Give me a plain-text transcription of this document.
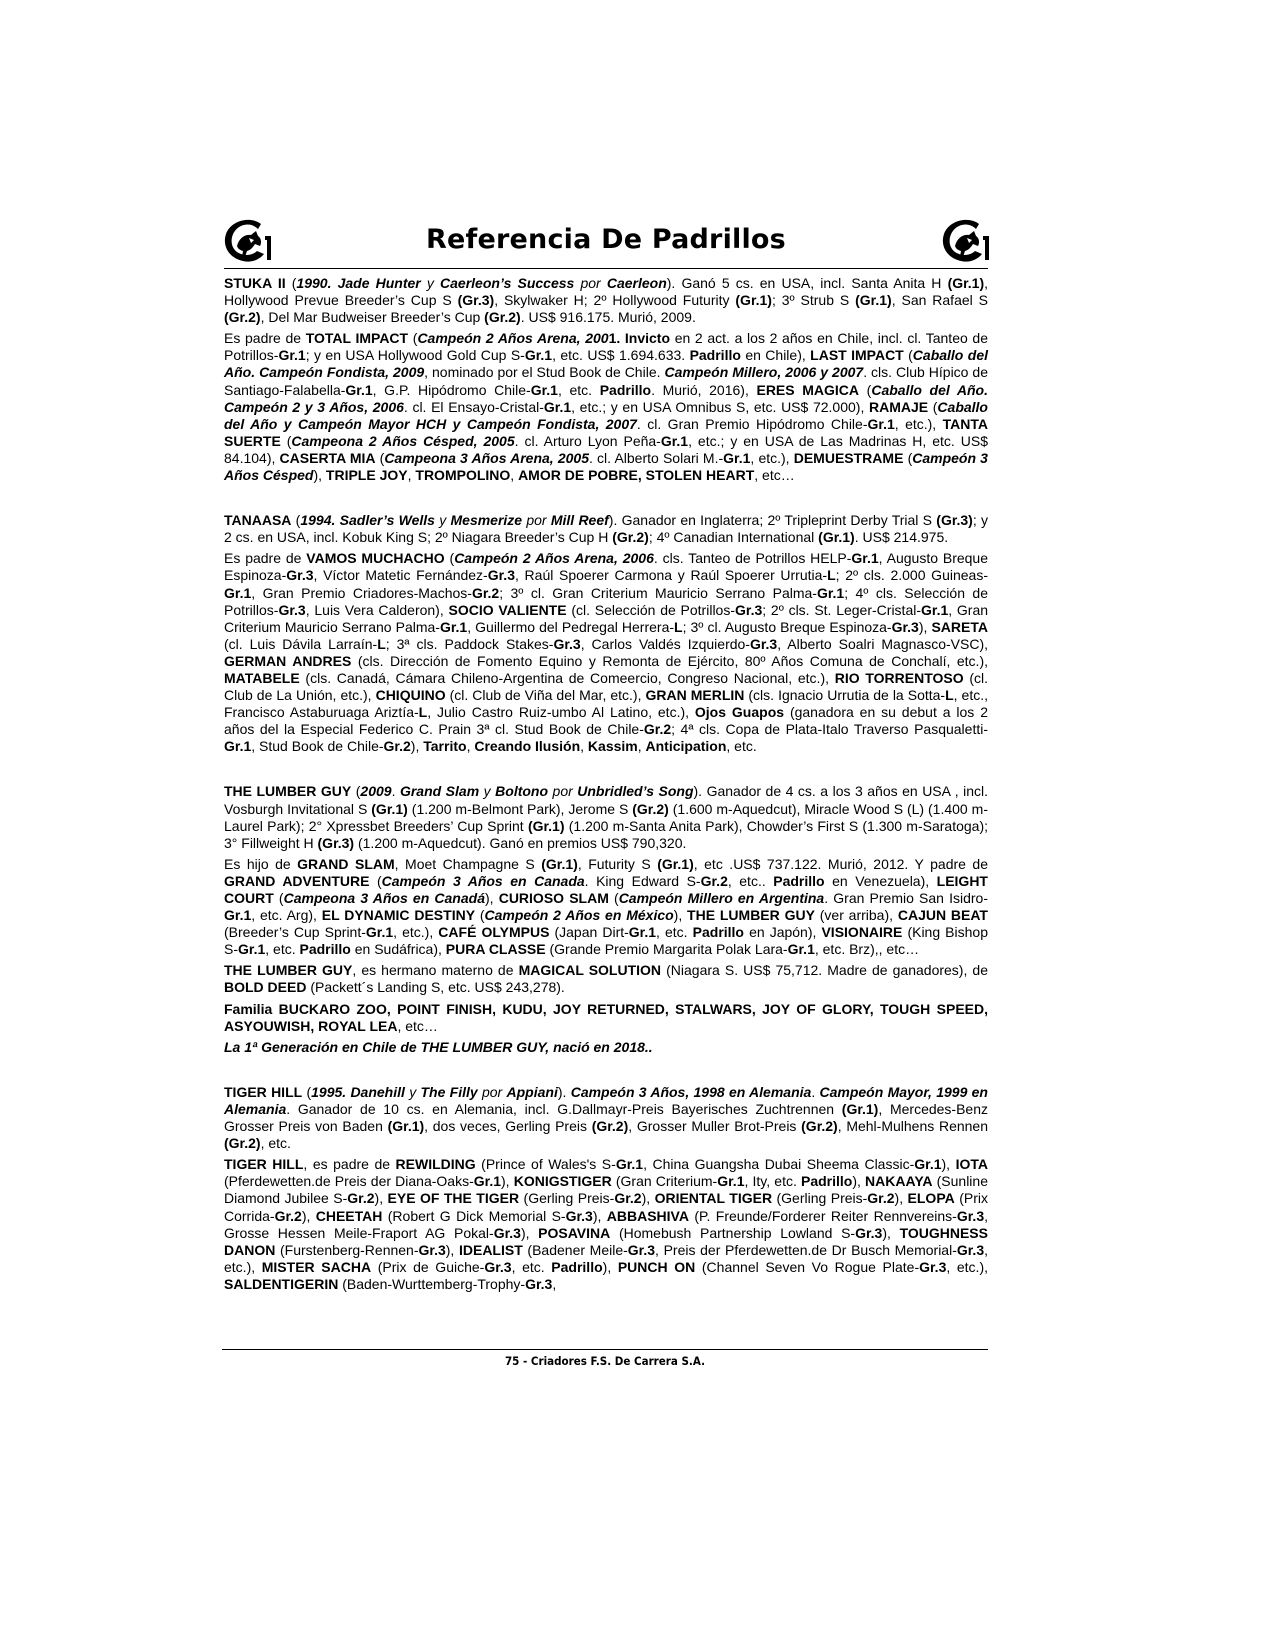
Referencia De Padrillos

STUKA II (1990. Jade Hunter y Caerleon’s Success por Caerleon). Ganó 5 cs. en USA, incl. Santa Anita H (Gr.1), Hollywood Prevue Breeder’s Cup S (Gr.3), Skylwaker H; 2º Hollywood Futurity (Gr.1); 3º Strub S (Gr.1), San Rafael S (Gr.2), Del Mar Budweiser Breeder’s Cup (Gr.2). US$ 916.175. Murió, 2009.

Es padre de TOTAL IMPACT (Campeón 2 Años Arena, 2001. Invicto en 2 act. a los 2 años en Chile, incl. cl. Tanteo de Potrillos-Gr.1; y en USA Hollywood Gold Cup S-Gr.1, etc. US$ 1.694.633. Padrillo en Chile), LAST IMPACT (Caballo del Año. Campeón Fondista, 2009, nominado por el Stud Book de Chile. Campeón Millero, 2006 y 2007. cls. Club Hípico de Santiago-Falabella-Gr.1, G.P. Hipódromo Chile-Gr.1, etc. Padrillo. Murió, 2016), ERES MAGICA (Caballo del Año. Campeón 2 y 3 Años, 2006. cl. El Ensayo-Cristal-Gr.1, etc.; y en USA Omnibus S, etc. US$ 72.000), RAMAJE (Caballo del Año y Campeón Mayor HCH y Campeón Fondista, 2007. cl. Gran Premio Hipódromo Chile-Gr.1, etc.), TANTA SUERTE (Campeona 2 Años Césped, 2005. cl. Arturo Lyon Peña-Gr.1, etc.; y en USA de Las Madrinas H, etc. US$ 84.104), CASERTA MIA (Campeona 3 Años Arena, 2005. cl. Alberto Solari M.-Gr.1, etc.), DEMUESTRAME (Campeón 3 Años Césped), TRIPLE JOY, TROMPOLINO, AMOR DE POBRE, STOLEN HEART, etc…

TANAASA (1994. Sadler’s Wells y Mesmerize por Mill Reef). Ganador en Inglaterra; 2º Tripleprint Derby Trial S (Gr.3); y 2 cs. en USA, incl. Kobuk King S; 2º Niagara Breeder’s Cup H (Gr.2); 4º Canadian International (Gr.1). US$ 214.975.

Es padre de VAMOS MUCHACHO (Campeón 2 Años Arena, 2006. cls. Tanteo de Potrillos HELP-Gr.1, Augusto Breque Espinoza-Gr.3, Víctor Matetic Fernández-Gr.3, Raúl Spoerer Carmona y Raúl Spoerer Urrutia-L; 2º cls. 2.000 Guineas-Gr.1, Gran Premio Criadores-Machos-Gr.2; 3º cl. Gran Criterium Mauricio Serrano Palma-Gr.1; 4º cls. Selección de Potrillos-Gr.3, Luis Vera Calderon), SOCIO VALIENTE (cl. Selección de Potrillos-Gr.3; 2º cls. St. Leger-Cristal-Gr.1, Gran Criterium Mauricio Serrano Palma-Gr.1, Guillermo del Pedregal Herrera-L; 3º cl. Augusto Breque Espinoza-Gr.3), SARETA (cl. Luis Dávila Larraín-L; 3ª cls. Paddock Stakes-Gr.3, Carlos Valdés Izquierdo-Gr.3, Alberto Soalri Magnasco-VSC), GERMAN ANDRES (cls. Dirección de Fomento Equino y Remonta de Ejército, 80º Años Comuna de Conchalí, etc.), MATABELE (cls. Canadá, Cámara Chileno-Argentina de Comeercio, Congreso Nacional, etc.), RIO TORRENTOSO (cl. Club de La Unión, etc.), CHIQUINO (cl. Club de Viña del Mar, etc.), GRAN MERLIN (cls. Ignacio Urrutia de la Sotta-L, etc., Francisco Astaburuaga Ariztía-L, Julio Castro Ruiz-umbo Al Latino, etc.), Ojos Guapos (ganadora en su debut a los 2 años del la Especial Federico C. Prain 3ª cl. Stud Book de Chile-Gr.2; 4ª cls. Copa de Plata-Italo Traverso Pasqualetti-Gr.1, Stud Book de Chile-Gr.2), Tarrito, Creando Ilusión, Kassim, Anticipation, etc.

THE LUMBER GUY (2009. Grand Slam y Boltono por Unbridled’s Song). Ganador de 4 cs. a los 3 años en USA , incl. Vosburgh Invitational S (Gr.1) (1.200 m-Belmont Park), Jerome S (Gr.2) (1.600 m-Aquedcut), Miracle Wood S (L) (1.400 m-Laurel Park); 2° Xpressbet Breeders’ Cup Sprint (Gr.1) (1.200 m-Santa Anita Park), Chowder’s First S (1.300 m-Saratoga); 3° Fillweight H (Gr.3) (1.200 m-Aquedcut). Ganó en premios US$ 790,320.

Es hijo de GRAND SLAM, Moet Champagne S (Gr.1), Futurity S (Gr.1), etc .US$ 737.122. Murió, 2012. Y padre de GRAND ADVENTURE (Campeón 3 Años en Canada. King Edward S-Gr.2, etc.. Padrillo en Venezuela), LEIGHT COURT (Campeona 3 Años en Canadá), CURIOSO SLAM (Campeón Millero en Argentina. Gran Premio San Isidro-Gr.1, etc. Arg), EL DYNAMIC DESTINY (Campeón 2 Años en México), THE LUMBER GUY (ver arriba), CAJUN BEAT (Breeder’s Cup Sprint-Gr.1, etc.), CAFÉ OLYMPUS (Japan Dirt-Gr.1, etc. Padrillo en Japón), VISIONAIRE (King Bishop S-Gr.1, etc. Padrillo en Sudáfrica), PURA CLASSE (Grande Premio Margarita Polak Lara-Gr.1, etc. Brz),, etc…

THE LUMBER GUY, es hermano materno de MAGICAL SOLUTION (Niagara S. US$ 75,712. Madre de ganadores), de BOLD DEED (Packett´s Landing S, etc. US$ 243,278).

Familia BUCKARO ZOO, POINT FINISH, KUDU, JOY RETURNED, STALWARS, JOY OF GLORY, TOUGH SPEED, ASYOUWISH, ROYAL LEA, etc…

La 1ª Generación en Chile de THE LUMBER GUY, nació en 2018..

TIGER HILL (1995. Danehill y The Filly por Appiani). Campeón 3 Años, 1998 en Alemania. Campeón Mayor, 1999 en Alemania. Ganador de 10 cs. en Alemania, incl. G.Dallmayr-Preis Bayerisches Zuchtrennen (Gr.1), Mercedes-Benz Grosser Preis von Baden (Gr.1), dos veces, Gerling Preis (Gr.2), Grosser Muller Brot-Preis (Gr.2), Mehl-Mulhens Rennen (Gr.2), etc.

TIGER HILL, es padre de REWILDING (Prince of Wales's S-Gr.1, China Guangsha Dubai Sheema Classic-Gr.1), IOTA (Pferdewetten.de Preis der Diana-Oaks-Gr.1), KONIGSTIGER (Gran Criterium-Gr.1, Ity, etc. Padrillo), NAKAAYA (Sunline Diamond Jubilee S-Gr.2), EYE OF THE TIGER (Gerling Preis-Gr.2), ORIENTAL TIGER (Gerling Preis-Gr.2), ELOPA (Prix Corrida-Gr.2), CHEETAH (Robert G Dick Memorial S-Gr.3), ABBASHIVA (P. Freunde/Forderer Reiter Rennvereins-Gr.3, Grosse Hessen Meile-Fraport AG Pokal-Gr.3), POSAVINA (Homebush Partnership Lowland S-Gr.3), TOUGHNESS DANON (Furstenberg-Rennen-Gr.3), IDEALIST (Badener Meile-Gr.3, Preis der Pferdewetten.de Dr Busch Memorial-Gr.3, etc.), MISTER SACHA (Prix de Guiche-Gr.3, etc. Padrillo), PUNCH ON (Channel Seven Vo Rogue Plate-Gr.3, etc.), SALDENTIGERIN (Baden-Wurttemberg-Trophy-Gr.3,

75 - Criadores F.S. De Carrera S.A.
